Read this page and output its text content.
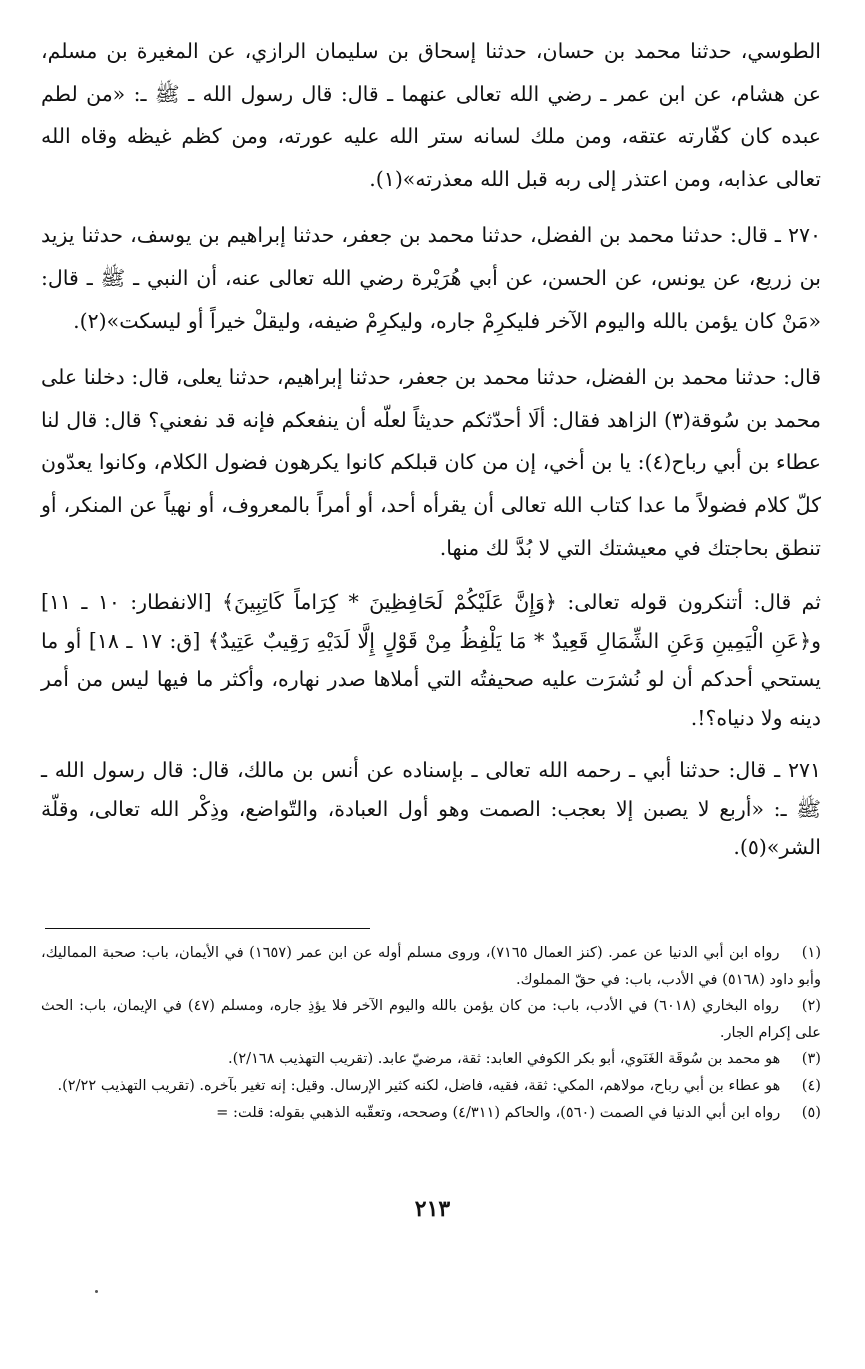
الطوسي، حدثنا محمد بن حسان، حدثنا إسحاق بن سليمان الرازي، عن المغيرة بن مسلم، عن هشام، عن ابن عمر ـ رضي الله تعالى عنهما ـ قال: قال رسول الله ـ ﷺ ـ: «من لطم عبده كان كفّارته عتقه، ومن ملك لسانه ستر الله عليه عورته، ومن كظم غيظه وقاه الله تعالى عذابه، ومن اعتذر إلى ربه قبل الله معذرته»(١).

٢٧٠ ـ قال: حدثنا محمد بن الفضل، حدثنا محمد بن جعفر، حدثنا إبراهيم بن يوسف، حدثنا يزيد بن زريع، عن يونس، عن الحسن، عن أبي هُرَيْرة رضي الله تعالى عنه، أن النبي ـ ﷺ ـ قال: «مَنْ كان يؤمن بالله واليوم الآخر فليكرِمْ جاره، وليكرِمْ ضيفه، وليقلْ خيراً أو ليسكت»(٢).

قال: حدثنا محمد بن الفضل، حدثنا محمد بن جعفر، حدثنا إبراهيم، حدثنا يعلى، قال: دخلنا على محمد بن سُوقة(٣) الزاهد فقال: ألَا أحدّثكم حديثاً لعلّه أن ينفعكم فإنه قد نفعني؟ قال: قال لنا عطاء بن أبي رباح(٤): يا بن أخي، إن من كان قبلكم كانوا يكرهون فضول الكلام، وكانوا يعدّون كلّ كلام فضولاً ما عدا كتاب الله تعالى أن يقرأه أحد، أو أمراً بالمعروف، أو نهياً عن المنكر، أو تنطق بحاجتك في معيشتك التي لا بُدَّ لك منها.

ثم قال: أتنكرون قوله تعالى: ﴿وَإِنَّ عَلَيْكُمْ لَحَافِظِينَ * كِرَاماً كَاتِبِينَ﴾ [الانفطار: ١٠ ـ ١١] و﴿عَنِ الْيَمِينِ وَعَنِ الشِّمَالِ قَعِيدٌ * مَا يَلْفِظُ مِنْ قَوْلٍ إِلَّا لَدَيْهِ رَقِيبٌ عَتِيدٌ﴾ [ق: ١٧ ـ ١٨] أو ما يستحي أحدكم أن لو نُشرَت عليه صحيفتُه التي أملاها صدر نهاره، وأكثر ما فيها ليس من أمر دينه ولا دنياه؟!.

٢٧١ ـ قال: حدثنا أبي ـ رحمه الله تعالى ـ بإسناده عن أنس بن مالك، قال: قال رسول الله ـ ﷺ ـ: «أربع لا يصبن إلا بعجب: الصمت وهو أول العبادة، والتّواضع، وذِكْر الله تعالى، وقلّة الشر»(٥).

(١) رواه ابن أبي الدنيا عن عمر. (كنز العمال ٧١٦٥)، وروى مسلم أوله عن ابن عمر (١٦٥٧) في الأيمان، باب: صحبة المماليك، وأبو داود (٥١٦٨) في الأدب، باب: في حقّ المملوك.

(٢) رواه البخاري (٦٠١٨) في الأدب، باب: من كان يؤمن بالله واليوم الآخر فلا يؤذِ جاره، ومسلم (٤٧) في الإيمان، باب: الحث على إكرام الجار.

(٣) هو محمد بن سُوقَة الغَنَوي، أبو بكر الكوفي العابد: ثقة، مرضيّ عابد. (تقريب التهذيب ٢/١٦٨).

(٤) هو عطاء بن أبي رباح، مولاهم، المكي: ثقة، فقيه، فاضل، لكنه كثير الإرسال. وقيل: إنه تغير بآخره. (تقريب التهذيب ٢/٢٢).

(٥) رواه ابن أبي الدنيا في الصمت (٥٦٠)، والحاكم (٤/٣١١) وصححه، وتعقّبه الذهبي بقوله: قلت: =

٢١٣
